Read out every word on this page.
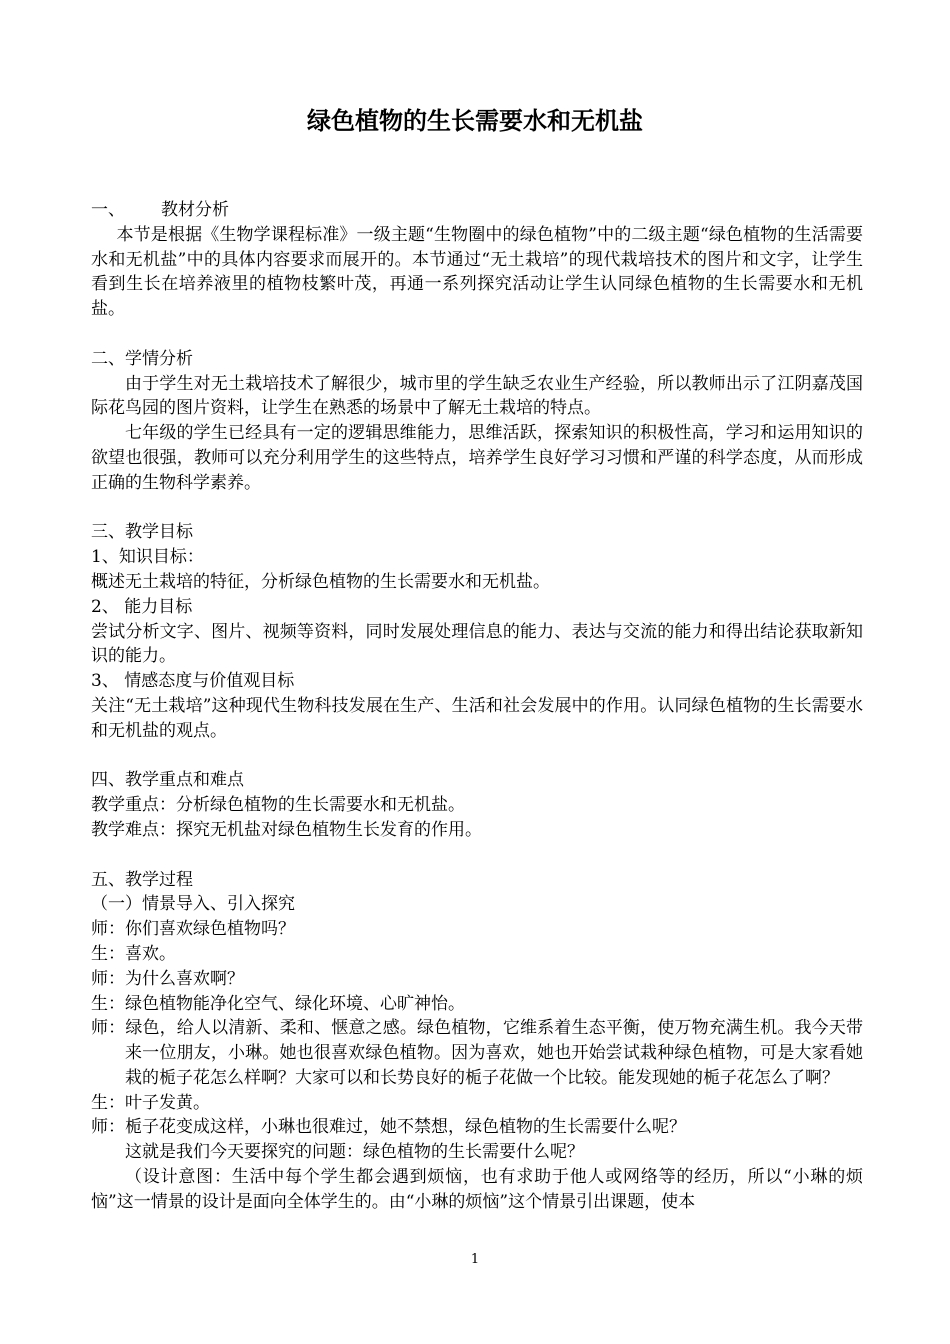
绿色植物的生长需要水和无机盐

一、 教材分析

本节是根据《生物学课程标准》一级主题“生物圈中的绿色植物”中的二级主题“绿色植物的生活需要水和无机盐”中的具体内容要求而展开的。本节通过“无土栽培”的现代栽培技术的图片和文字，让学生看到生长在培养液里的植物枝繁叶茂，再通一系列探究活动让学生认同绿色植物的生长需要水和无机盐。

二、学情分析

由于学生对无土栽培技术了解很少，城市里的学生缺乏农业生产经验，所以教师出示了江阴嘉茂国际花鸟园的图片资料，让学生在熟悉的场景中了解无土栽培的特点。

七年级的学生已经具有一定的逻辑思维能力，思维活跃，探索知识的积极性高，学习和运用知识的欲望也很强，教师可以充分利用学生的这些特点，培养学生良好学习习惯和严谨的科学态度，从而形成正确的生物科学素养。

三、教学目标

1、知识目标：

概述无土栽培的特征，分析绿色植物的生长需要水和无机盐。

2、 能力目标

尝试分析文字、图片、视频等资料，同时发展处理信息的能力、表达与交流的能力和得出结论获取新知识的能力。

3、 情感态度与价值观目标

关注“无土栽培”这种现代生物科技发展在生产、生活和社会发展中的作用。认同绿色植物的生长需要水和无机盐的观点。

四、教学重点和难点

教学重点：分析绿色植物的生长需要水和无机盐。

教学难点：探究无机盐对绿色植物生长发育的作用。

五、教学过程

（一）情景导入、引入探究

师：你们喜欢绿色植物吗？

生：喜欢。

师：为什么喜欢啊？

生：绿色植物能净化空气、绿化环境、心旷神怡。

师：绿色，给人以清新、柔和、惬意之感。绿色植物，它维系着生态平衡，使万物充满生机。我今天带来一位朋友，小琳。她也很喜欢绿色植物。因为喜欢，她也开始尝试栽种绿色植物，可是大家看她栽的栀子花怎么样啊？大家可以和长势良好的栀子花做一个比较。能发现她的栀子花怎么了啊？

生：叶子发黄。

师：栀子花变成这样，小琳也很难过，她不禁想，绿色植物的生长需要什么呢？

这就是我们今天要探究的问题：绿色植物的生长需要什么呢？

（设计意图：生活中每个学生都会遇到烦恼，也有求助于他人或网络等的经历，所以“小琳的烦恼”这一情景的设计是面向全体学生的。由“小琳的烦恼”这个情景引出课题，使本

1
